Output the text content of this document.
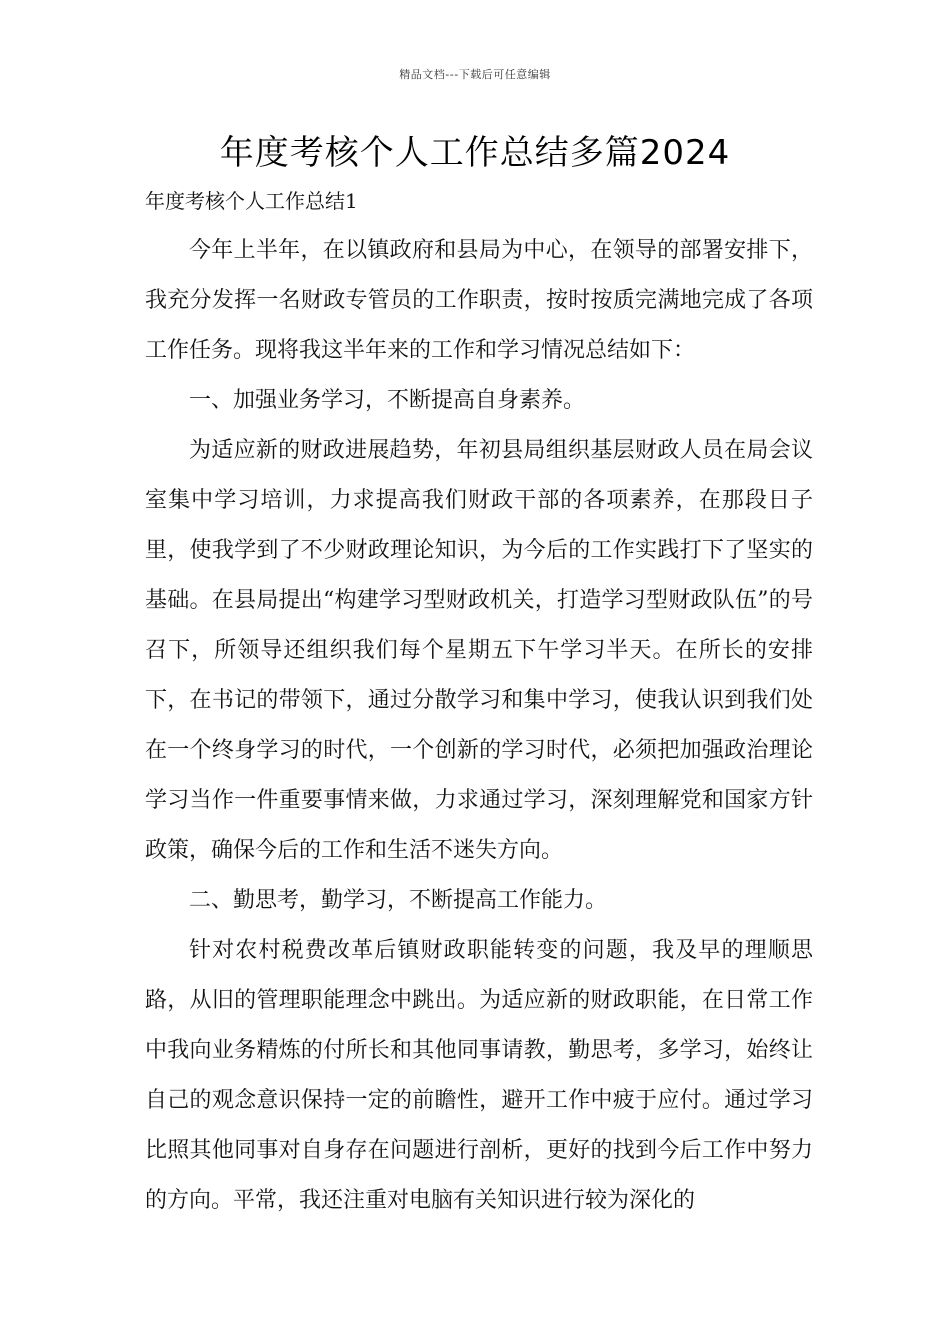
精品文档---下载后可任意编辑
年度考核个人工作总结多篇2024
年度考核个人工作总结1

今年上半年，在以镇政府和县局为中心，在领导的部署安排下，我充分发挥一名财政专管员的工作职责，按时按质完满地完成了各项工作任务。现将我这半年来的工作和学习情况总结如下：

一、加强业务学习，不断提高自身素养。

为适应新的财政进展趋势，年初县局组织基层财政人员在局会议室集中学习培训，力求提高我们财政干部的各项素养，在那段日子里，使我学到了不少财政理论知识，为今后的工作实践打下了坚实的基础。在县局提出“构建学习型财政机关，打造学习型财政队伍”的号召下，所领导还组织我们每个星期五下午学习半天。在所长的安排下，在书记的带领下，通过分散学习和集中学习，使我认识到我们处在一个终身学习的时代，一个创新的学习时代，必须把加强政治理论学习当作一件重要事情来做，力求通过学习，深刻理解党和国家方针政策，确保今后的工作和生活不迷失方向。

二、勤思考，勤学习，不断提高工作能力。

针对农村税费改革后镇财政职能转变的问题，我及早的理顺思路，从旧的管理职能理念中跳出。为适应新的财政职能，在日常工作中我向业务精炼的付所长和其他同事请教，勤思考，多学习，始终让自己的观念意识保持一定的前瞻性，避开工作中疲于应付。通过学习比照其他同事对自身存在问题进行剖析，更好的找到今后工作中努力的方向。平常，我还注重对电脑有关知识进行较为深化的
